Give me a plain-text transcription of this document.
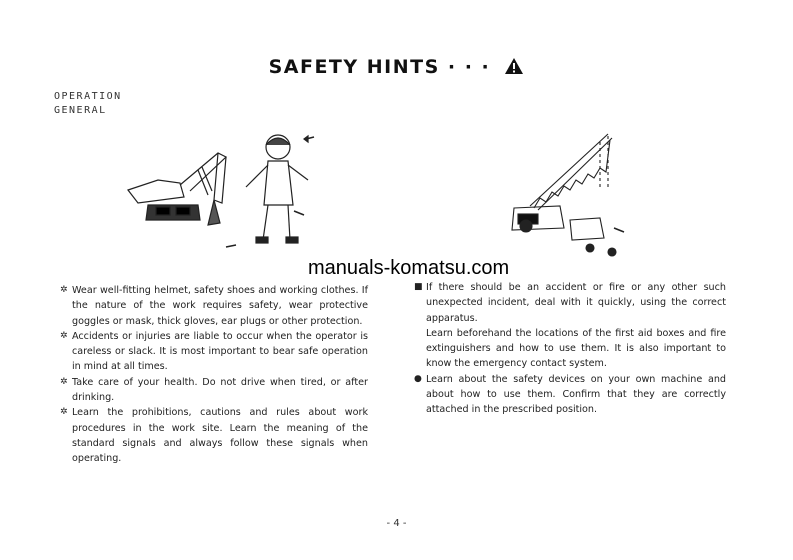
SAFETY HINTS · · ·
OPERATION
GENERAL
manuals-komatsu.com
✲ Wear well-fitting helmet, safety shoes and working clothes. If the nature of the work requires safety, wear protective goggles or mask, thick gloves, ear plugs or other protection.
✲ Accidents or injuries are liable to occur when the operator is careless or slack. It is most important to bear safe operation in mind at all times.
✲ Take care of your health. Do not drive when tired, or after drinking.
✲ Learn the prohibitions, cautions and rules about work procedures in the work site. Learn the meaning of the standard signals and always follow these signals when operating.
■ If there should be an accident or fire or any other such unexpected incident, deal with it quickly, using the correct apparatus.
Learn beforehand the locations of the first aid boxes and fire extinguishers and how to use them. It is also important to know the emergency contact system.
● Learn about the safety devices on your own machine and about how to use them. Confirm that they are correctly attached in the prescribed position.
- 4 -
